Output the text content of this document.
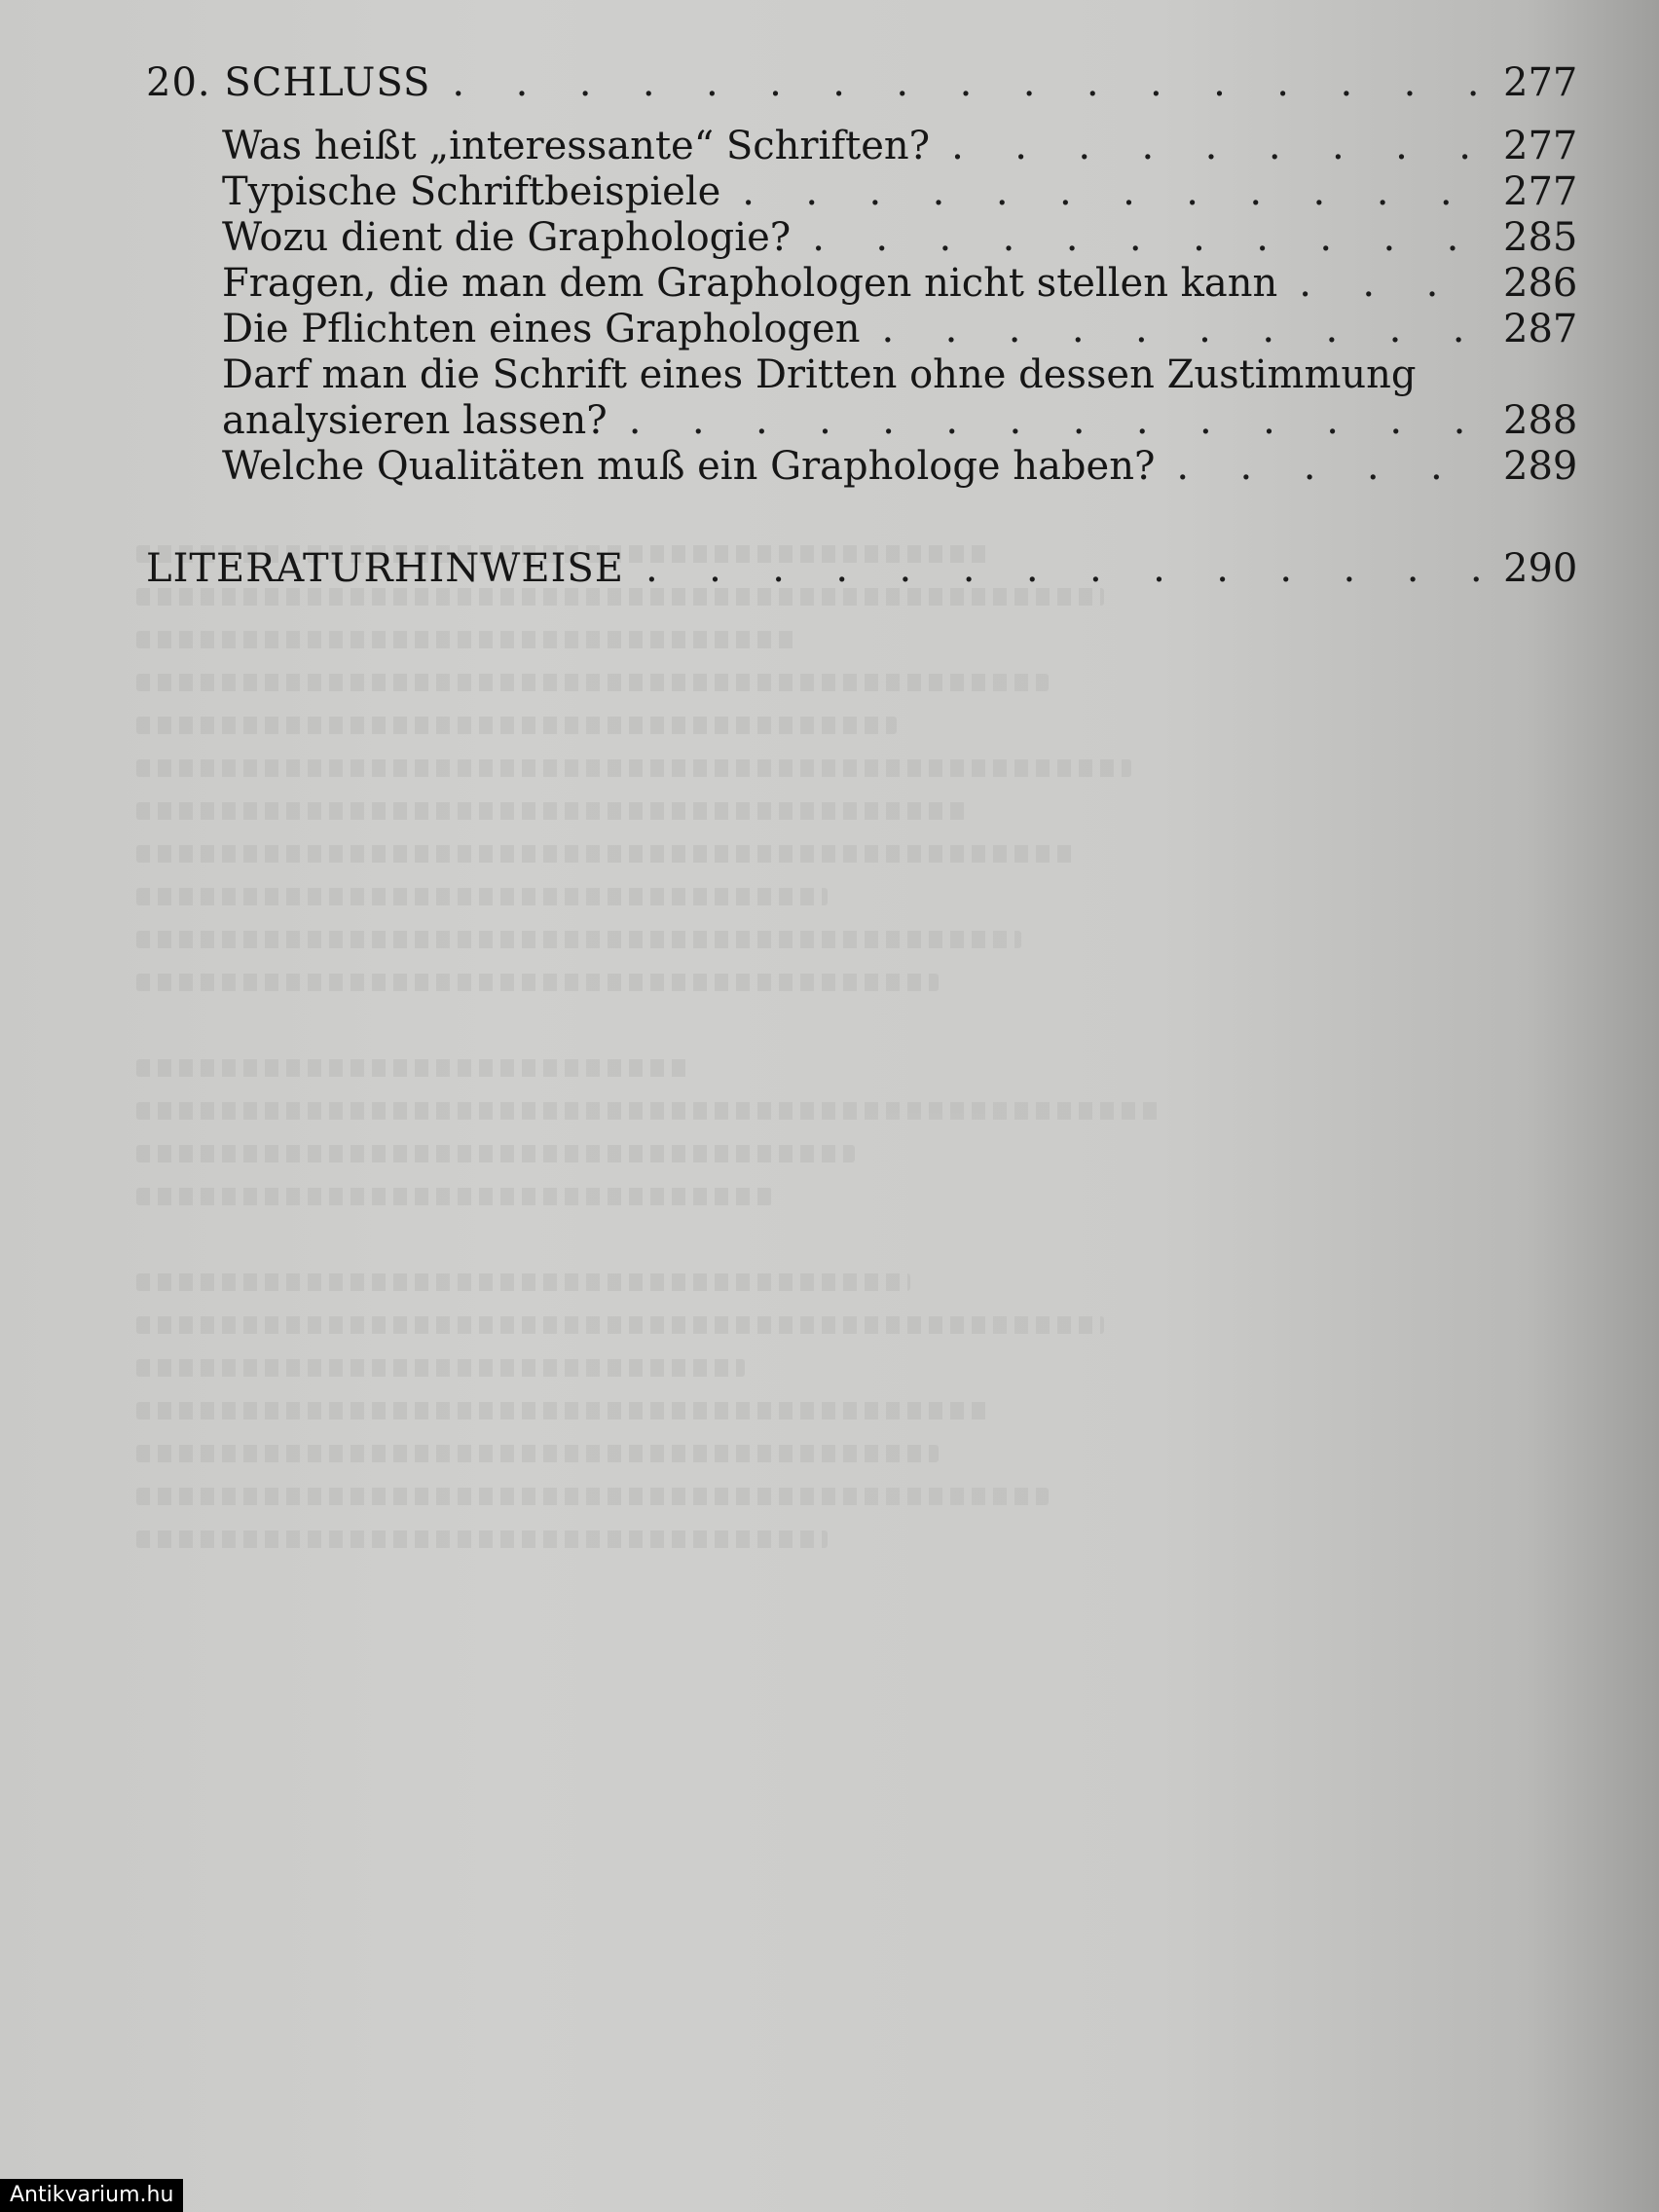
20. SCHLUSS . .	277
Was heißt „interessante“ Schriften? . .	277
Typische Schriftbeispiele . .	277
Wozu dient die Graphologie? . .	285
Fragen, die man dem Graphologen nicht stellen kann . .	286
Die Pflichten eines Graphologen . .	287
Darf man die Schrift eines Dritten ohne dessen Zustimmung
analysieren lassen? . .	288
Welche Qualitäten muß ein Graphologe haben? . .	289
LITERATURHINWEISE . .	290
Antikvarium.hu
